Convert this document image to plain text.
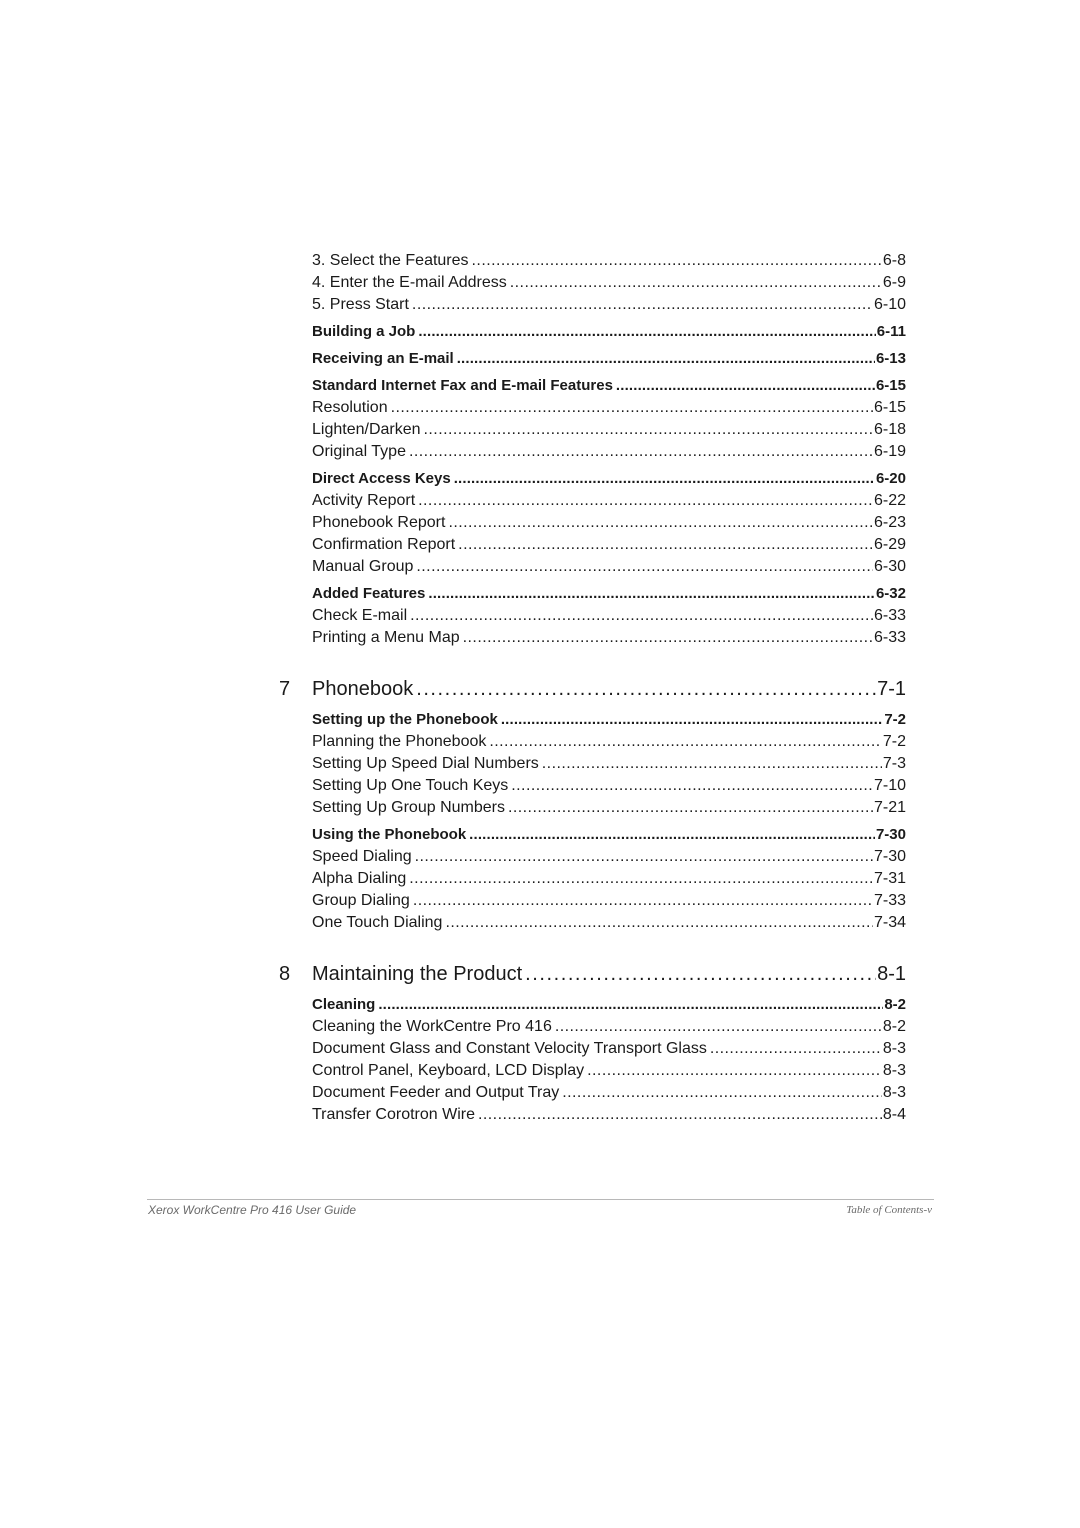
3. Select the Features . . .	6-8
4. Enter the E-mail Address . . .	6-9
5. Press Start . . .	6-10
Building a Job . . .	6-11
Receiving an E-mail . . .	6-13
Standard Internet Fax and E-mail Features . . .	6-15
Resolution . . .	6-15
Lighten/Darken . . .	6-18
Original Type . . .	6-19
Direct Access Keys . . .	6-20
Activity Report . . .	6-22
Phonebook Report . . .	6-23
Confirmation Report . . .	6-29
Manual Group . . .	6-30
Added Features . . .	6-32
Check E-mail . . .	6-33
Printing a Menu Map . . .	6-33
7 Phonebook . . .	7-1
Setting up the Phonebook . . .	7-2
Planning the Phonebook . . .	7-2
Setting Up Speed Dial Numbers . . .	7-3
Setting Up One Touch Keys . . .	7-10
Setting Up Group Numbers . . .	7-21
Using the Phonebook . . .	7-30
Speed Dialing . . .	7-30
Alpha Dialing . . .	7-31
Group Dialing . . .	7-33
One Touch Dialing . . .	7-34
8 Maintaining the Product . . .	8-1
Cleaning . . .	8-2
Cleaning the WorkCentre Pro 416 . . .	8-2
Document Glass and Constant Velocity Transport Glass . . .	8-3
Control Panel, Keyboard, LCD Display . . .	8-3
Document Feeder and Output Tray . . .	8-3
Transfer Corotron Wire . . .	8-4
Xerox WorkCentre Pro 416 User Guide	Table of Contents-v
